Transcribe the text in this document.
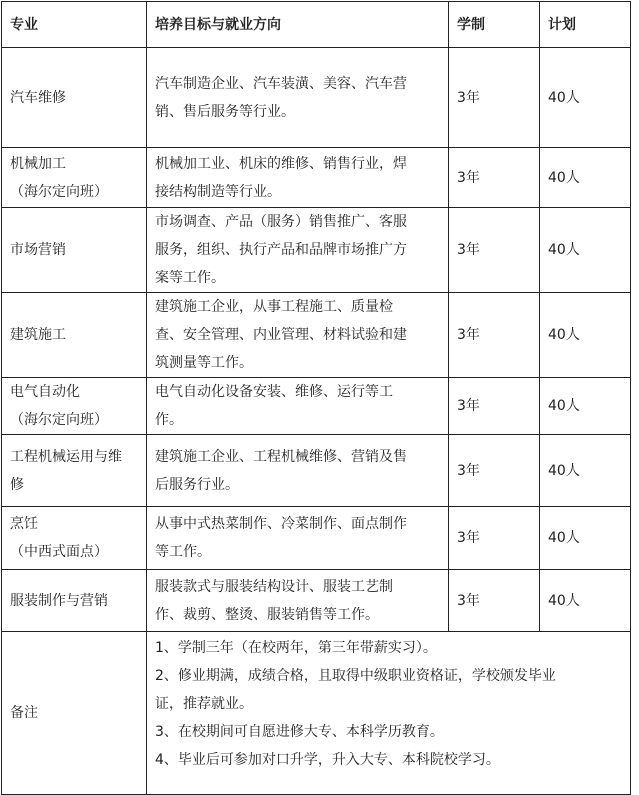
专业	培养目标与就业方向	学制	计划

汽车维修	汽车制造企业、汽车装潢、美容、汽车营
销、售后服务等行业。	3年	40人

机械加工
（海尔定向班）	机械加工业、机床的维修、销售行业，焊
接结构制造等行业。	3年	40人

市场营销	市场调查、产品（服务）销售推广、客服
服务，组织、执行产品和品牌市场推广方
案等工作。	3年	40人

建筑施工	建筑施工企业，从事工程施工、质量检
查、安全管理、内业管理、材料试验和建
筑测量等工作。	3年	40人

电气自动化
（海尔定向班）	电气自动化设备安装、维修、运行等工
作。	3年	40人

工程机械运用与维
修	建筑施工企业、工程机械维修、营销及售
后服务行业。	3年	40人

烹饪
（中西式面点）	从事中式热菜制作、冷菜制作、面点制作
等工作。	3年	40人

服装制作与营销	服装款式与服装结构设计、服装工艺制
作、裁剪、整烫、服装销售等工作。	3年	40人
备注	1、学制三年（在校两年，第三年带薪实习）。
2、修业期满，成绩合格，且取得中级职业资格证，学校颁发毕业
证，推荐就业。
3、在校期间可自愿进修大专、本科学历教育。
4、毕业后可参加对口升学，升入大专、本科院校学习。		
